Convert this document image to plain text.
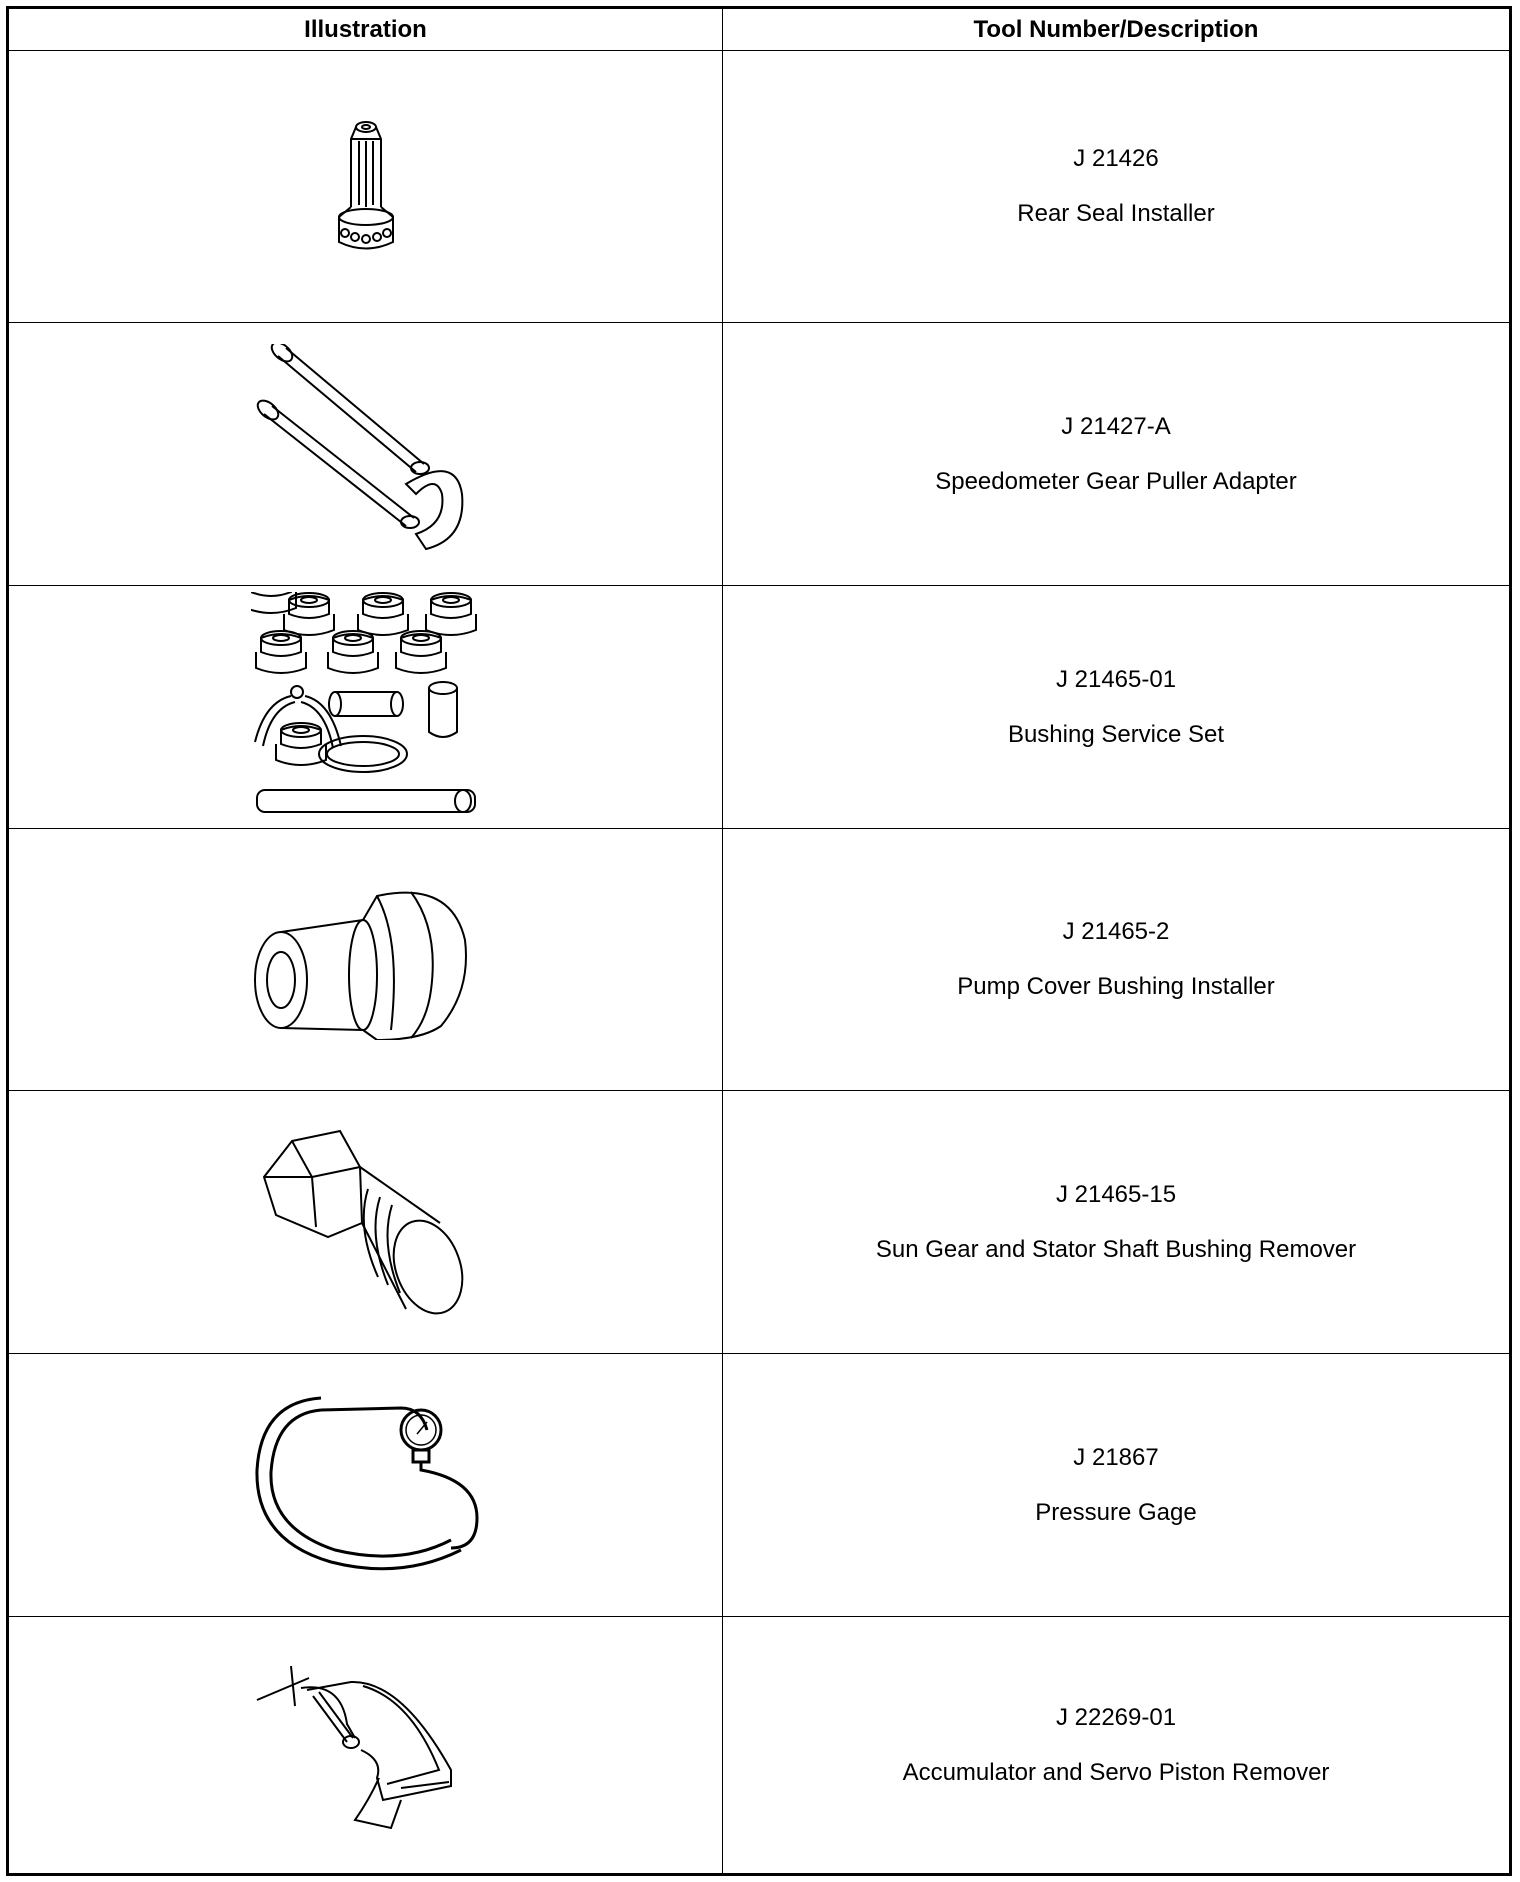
Illustration	Tool Number/Description
J 21426
Rear Seal Installer
J 21427-A
Speedometer Gear Puller Adapter
J 21465-01
Bushing Service Set
J 21465-2
Pump Cover Bushing Installer
J 21465-15
Sun Gear and Stator Shaft Bushing Remover
J 21867
Pressure Gage
J 22269-01
Accumulator and Servo Piston Remover
